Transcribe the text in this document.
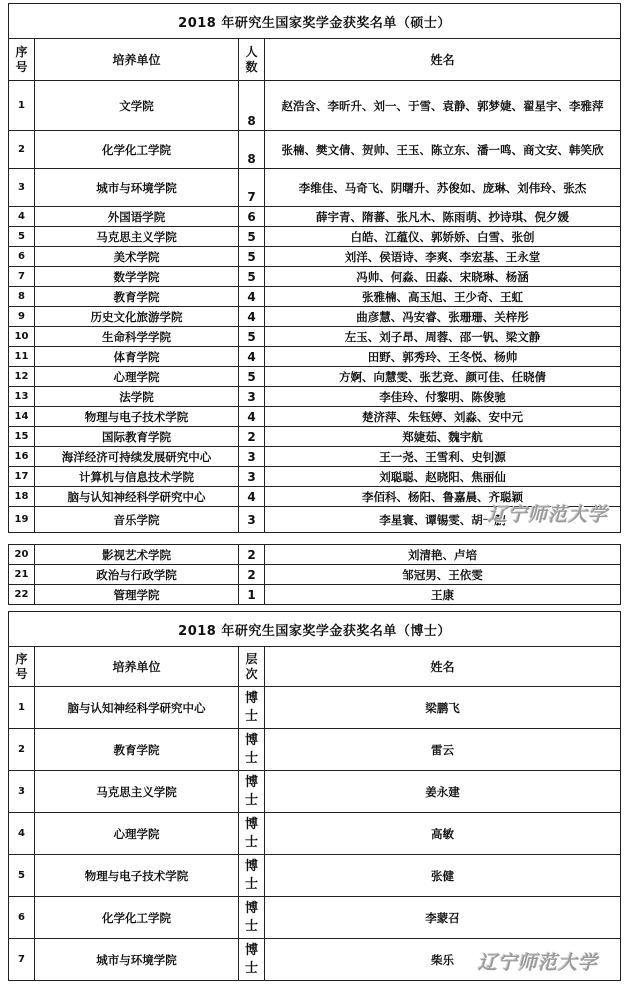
2018 年研究生国家奖学金获奖名单（硕士）			
序号	培养单位	人数	姓名
1	文学院	8	赵浩含、李昕升、刘一、于雪、袁静、郭梦婕、翟星宇、李雅萍
2	化学化工学院	8	张楠、樊文倩、贺帅、王玉、陈立东、潘一鸣、商文安、韩笑欣
3	城市与环境学院	7	李维佳、马奇飞、阴曙升、苏俊如、庞琳、刘伟玲、张杰
4	外国语学院	6	薛宇青、隋蕃、张凡木、陈雨萌、抄诗琪、倪夕媛
5	马克思主义学院	5	白皓、江蕴仪、郭娇娇、白雪、张创
6	美术学院	5	刘洋、侯语诗、李爽、李宏基、王永堂
7	数学学院	5	冯帅、何淼、田淼、宋晓琳、杨涵
8	教育学院	4	张雅楠、高玉旭、王少奇、王虹
9	历史文化旅游学院	4	曲彦慧、冯安睿、张珊珊、关梓彤
10	生命科学学院	5	左玉、刘子昂、周蓉、邵一钒、梁文静
11	体育学院	4	田野、郭秀玲、王冬悦、杨帅
12	心理学院	5	方婀、向慧雯、张艺竞、颜可佳、任晓倩
13	法学院	3	李佳玲、付黎明、陈俊驰
14	物理与电子技术学院	4	楚济萍、朱钰婷、刘淼、安中元
15	国际教育学院	2	郑婕茹、魏宇航
16	海洋经济可持续发展研究中心	3	王一尧、王雪利、史钊源
17	计算机与信息技术学院	3	刘聪聪、赵晓阳、焦丽仙
18	脑与认知神经科学研究中心	4	李佰科、杨阳、鲁嘉晨、齐聪颖
19	音乐学院	3	李星寰、谭锡雯、胡一鹏
20	影视艺术学院	2	刘清艳、卢培
21	政治与行政学院	2	邹冠男、王依雯
22	管理学院	1	王康
2018 年研究生国家奖学金获奖名单（博士）			
序号	培养单位	层次	姓名
1	脑与认知神经科学研究中心	博士	梁鹏飞
2	教育学院	博士	雷云
3	马克思主义学院	博士	姜永建
4	心理学院	博士	高敏
5	物理与电子技术学院	博士	张健
6	化学化工学院	博士	李蒙召
7	城市与环境学院	博士	柴乐
辽宁师范大学
辽宁师范大学
